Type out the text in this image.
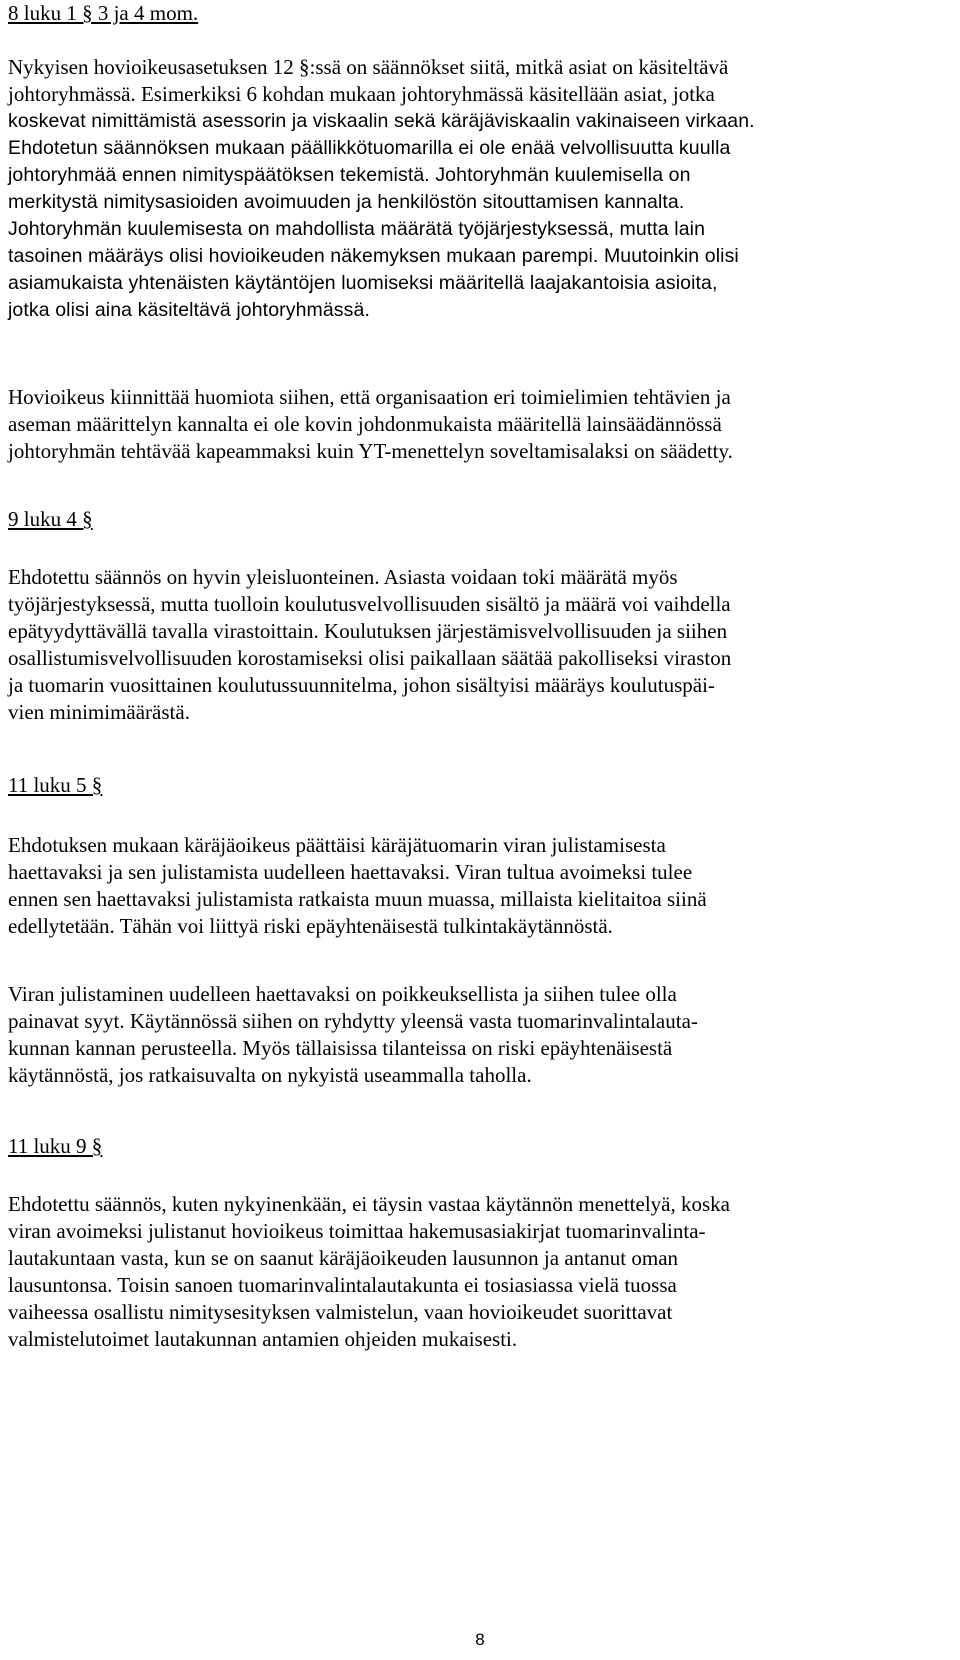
8 luku 1 § 3 ja 4 mom.

Nykyisen hovioikeusasetuksen 12 §:ssä on säännökset siitä, mitkä asiat on käsiteltävä
johtoryhmässä. Esimerkiksi 6 kohdan mukaan johtoryhmässä käsitellään asiat, jotka
koskevat nimittämistä asessorin ja viskaalin sekä käräjäviskaalin vakinaiseen virkaan.
Ehdotetun säännöksen mukaan päällikkötuomarilla ei ole enää velvollisuutta kuulla
johtoryhmää ennen nimityspäätöksen tekemistä. Johtoryhmän kuulemisella on
merkitystä nimitysasioiden avoimuuden ja henkilöstön sitouttamisen kannalta.
Johtoryhmän kuulemisesta on mahdollista määrätä työjärjestyksessä, mutta lain
tasoinen määräys olisi hovioikeuden näkemyksen mukaan parempi. Muutoinkin olisi
asiamukaista yhtenäisten käytäntöjen luomiseksi määritellä laajakantoisia asioita,
jotka olisi aina käsiteltävä johtoryhmässä.

Hovioikeus kiinnittää huomiota siihen, että organisaation eri toimielimien tehtävien ja
aseman määrittelyn kannalta ei ole kovin johdonmukaista määritellä lainsäädännössä
johtoryhmän tehtävää kapeammaksi kuin YT-menettelyn soveltamisalaksi on säädetty.

9 luku 4 §

Ehdotettu säännös on hyvin yleisluonteinen. Asiasta voidaan toki määrätä myös
työjärjestyksessä, mutta tuolloin koulutusvelvollisuuden sisältö ja määrä voi vaihdella
epätyydyttävällä tavalla virastoittain. Koulutuksen järjestämisvelvollisuuden ja siihen
osallistumisvelvollisuuden korostamiseksi olisi paikallaan säätää pakolliseksi viraston
ja tuomarin vuosittainen koulutussuunnitelma, johon sisältyisi määräys koulutuspäi-
vien minimimäärästä.

11 luku 5 §

Ehdotuksen mukaan käräjäoikeus päättäisi käräjätuomarin viran julistamisesta
haettavaksi ja sen julistamista uudelleen haettavaksi. Viran tultua avoimeksi tulee
ennen sen haettavaksi julistamista ratkaista muun muassa, millaista kielitaitoa siinä
edellytetään. Tähän voi liittyä riski epäyhtenäisestä tulkintakäytännöstä.

Viran julistaminen uudelleen haettavaksi on poikkeuksellista ja siihen tulee olla
painavat syyt. Käytännössä siihen on ryhdytty yleensä vasta tuomarinvalintalauta-
kunnan kannan perusteella. Myös tällaisissa tilanteissa on riski epäyhtenäisestä
käytännöstä, jos ratkaisuvalta on nykyistä useammalla taholla.

11 luku 9 §

Ehdotettu säännös, kuten nykyinenkään, ei täysin vastaa käytännön menettelyä, koska
viran avoimeksi julistanut hovioikeus toimittaa hakemusasiakirjat tuomarinvalinta-
lautakuntaan vasta, kun se on saanut käräjäoikeuden lausunnon ja antanut oman
lausuntonsa. Toisin sanoen tuomarinvalintalautakunta ei tosiasiassa vielä tuossa
vaiheessa osallistu nimitysesityksen valmistelun, vaan hovioikeudet suorittavat
valmistelutoimet lautakunnan antamien ohjeiden mukaisesti.

8
